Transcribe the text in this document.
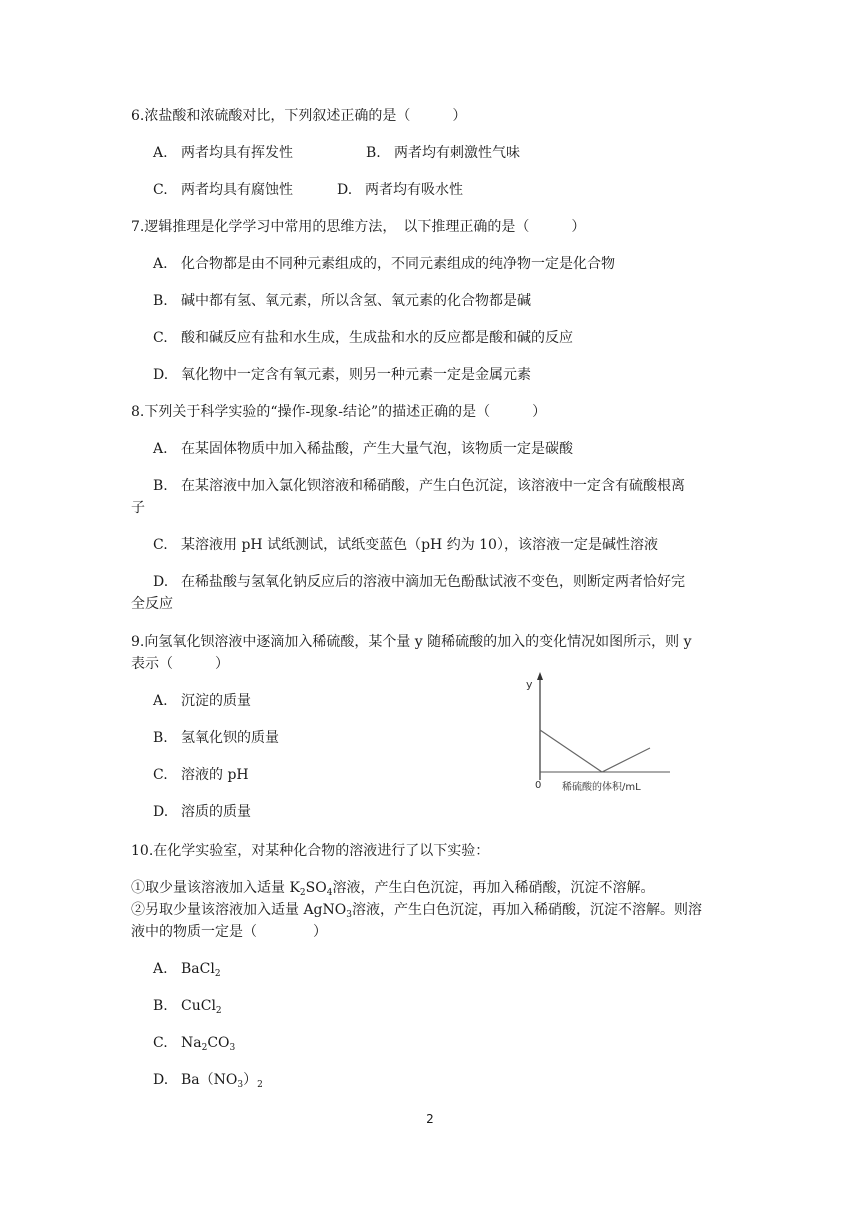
6.浓盐酸和浓硫酸对比，下列叙述正确的是（　　　）
A. 两者均具有挥发性	B. 两者均有刺激性气味
C. 两者均具有腐蚀性	D. 两者均有吸水性
7.逻辑推理是化学学习中常用的思维方法，　以下推理正确的是（　　　）
A. 化合物都是由不同种元素组成的，不同元素组成的纯净物一定是化合物
B. 碱中都有氢、氧元素，所以含氢、氧元素的化合物都是碱
C. 酸和碱反应有盐和水生成，生成盐和水的反应都是酸和碱的反应
D. 氧化物中一定含有氧元素，则另一种元素一定是金属元素
8.下列关于科学实验的“操作-现象-结论”的描述正确的是（　　　）
A. 在某固体物质中加入稀盐酸，产生大量气泡，该物质一定是碳酸
B. 在某溶液中加入氯化钡溶液和稀硝酸，产生白色沉淀，该溶液中一定含有硫酸根离
子
C. 某溶液用 pH 试纸测试，试纸变蓝色（pH 约为 10），该溶液一定是碱性溶液
D. 在稀盐酸与氢氧化钠反应后的溶液中滴加无色酚酞试液不变色，则断定两者恰好完
全反应
9.向氢氧化钡溶液中逐滴加入稀硫酸，某个量 y 随稀硫酸的加入的变化情况如图所示，则 y
表示（　　　）
A. 沉淀的质量
B. 氢氧化钡的质量
C. 溶液的 pH
D. 溶质的质量
y
0 稀硫酸的体积/mL
10.在化学实验室，对某种化合物的溶液进行了以下实验：
①取少量该溶液加入适量 $K_2SO_4$溶液，产生白色沉淀，再加入稀硝酸，沉淀不溶解。
②另取少量该溶液加入适量 AgNO$_3$溶液，产生白色沉淀，再加入稀硝酸，沉淀不溶解。则溶
液中的物质一定是（　　　　）
A. BaCl$_2$
B. CuCl$_2$
C. $Na_2CO_3$
D. $Ba(NO_3)_2$
2
